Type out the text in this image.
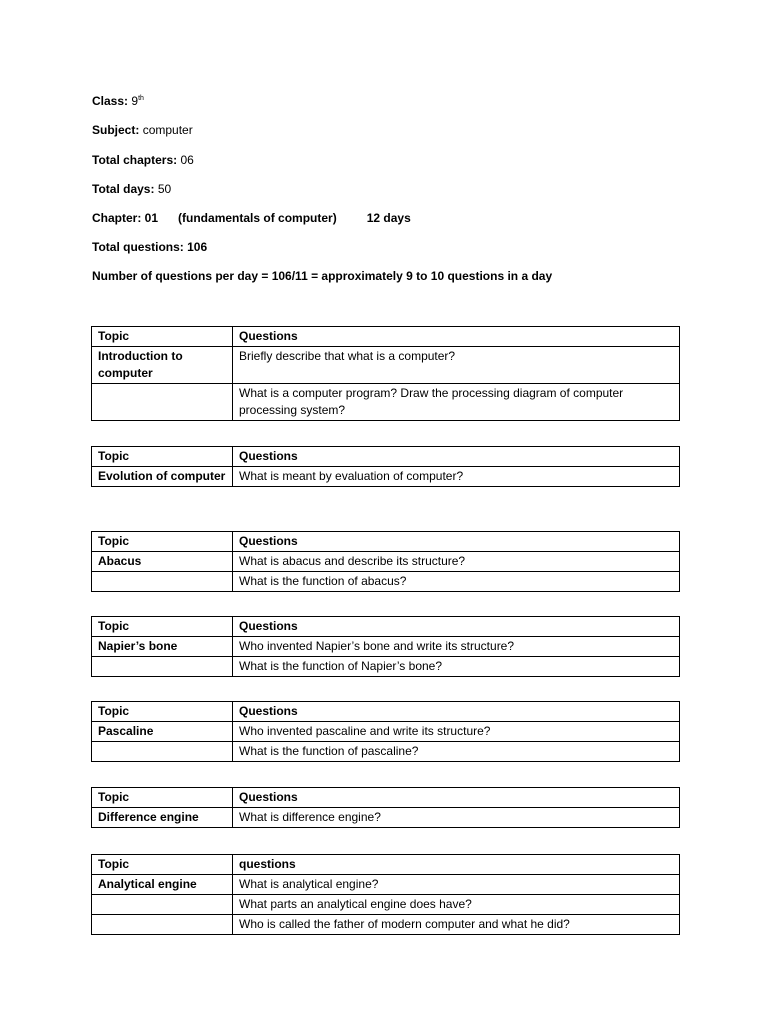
Class: 9th

Subject: computer

Total chapters: 06

Total days: 50

Chapter: 01 (fundamentals of computer)	12 days

Total questions: 106

Number of questions per day = 106/11 = approximately 9 to 10 questions in a day

Topic	Questions
Introduction to computer	Briefly describe that what is a computer?
	What is a computer program? Draw the processing diagram of computer processing system?
Topic	Questions
Evolution of computer	What is meant by evaluation of computer?
Topic	Questions
Abacus	What is abacus and describe its structure?
	What is the function of abacus?
Topic	Questions
Napier’s bone	Who invented Napier’s bone and write its structure?
	What is the function of Napier’s bone?
Topic	Questions
Pascaline	Who invented pascaline and write its structure?
	What is the function of pascaline?
Topic	Questions
Difference engine	What is difference engine?
Topic	questions
Analytical engine	What is analytical engine?
	What parts an analytical engine does have?
	Who is called the father of modern computer and what he did?
